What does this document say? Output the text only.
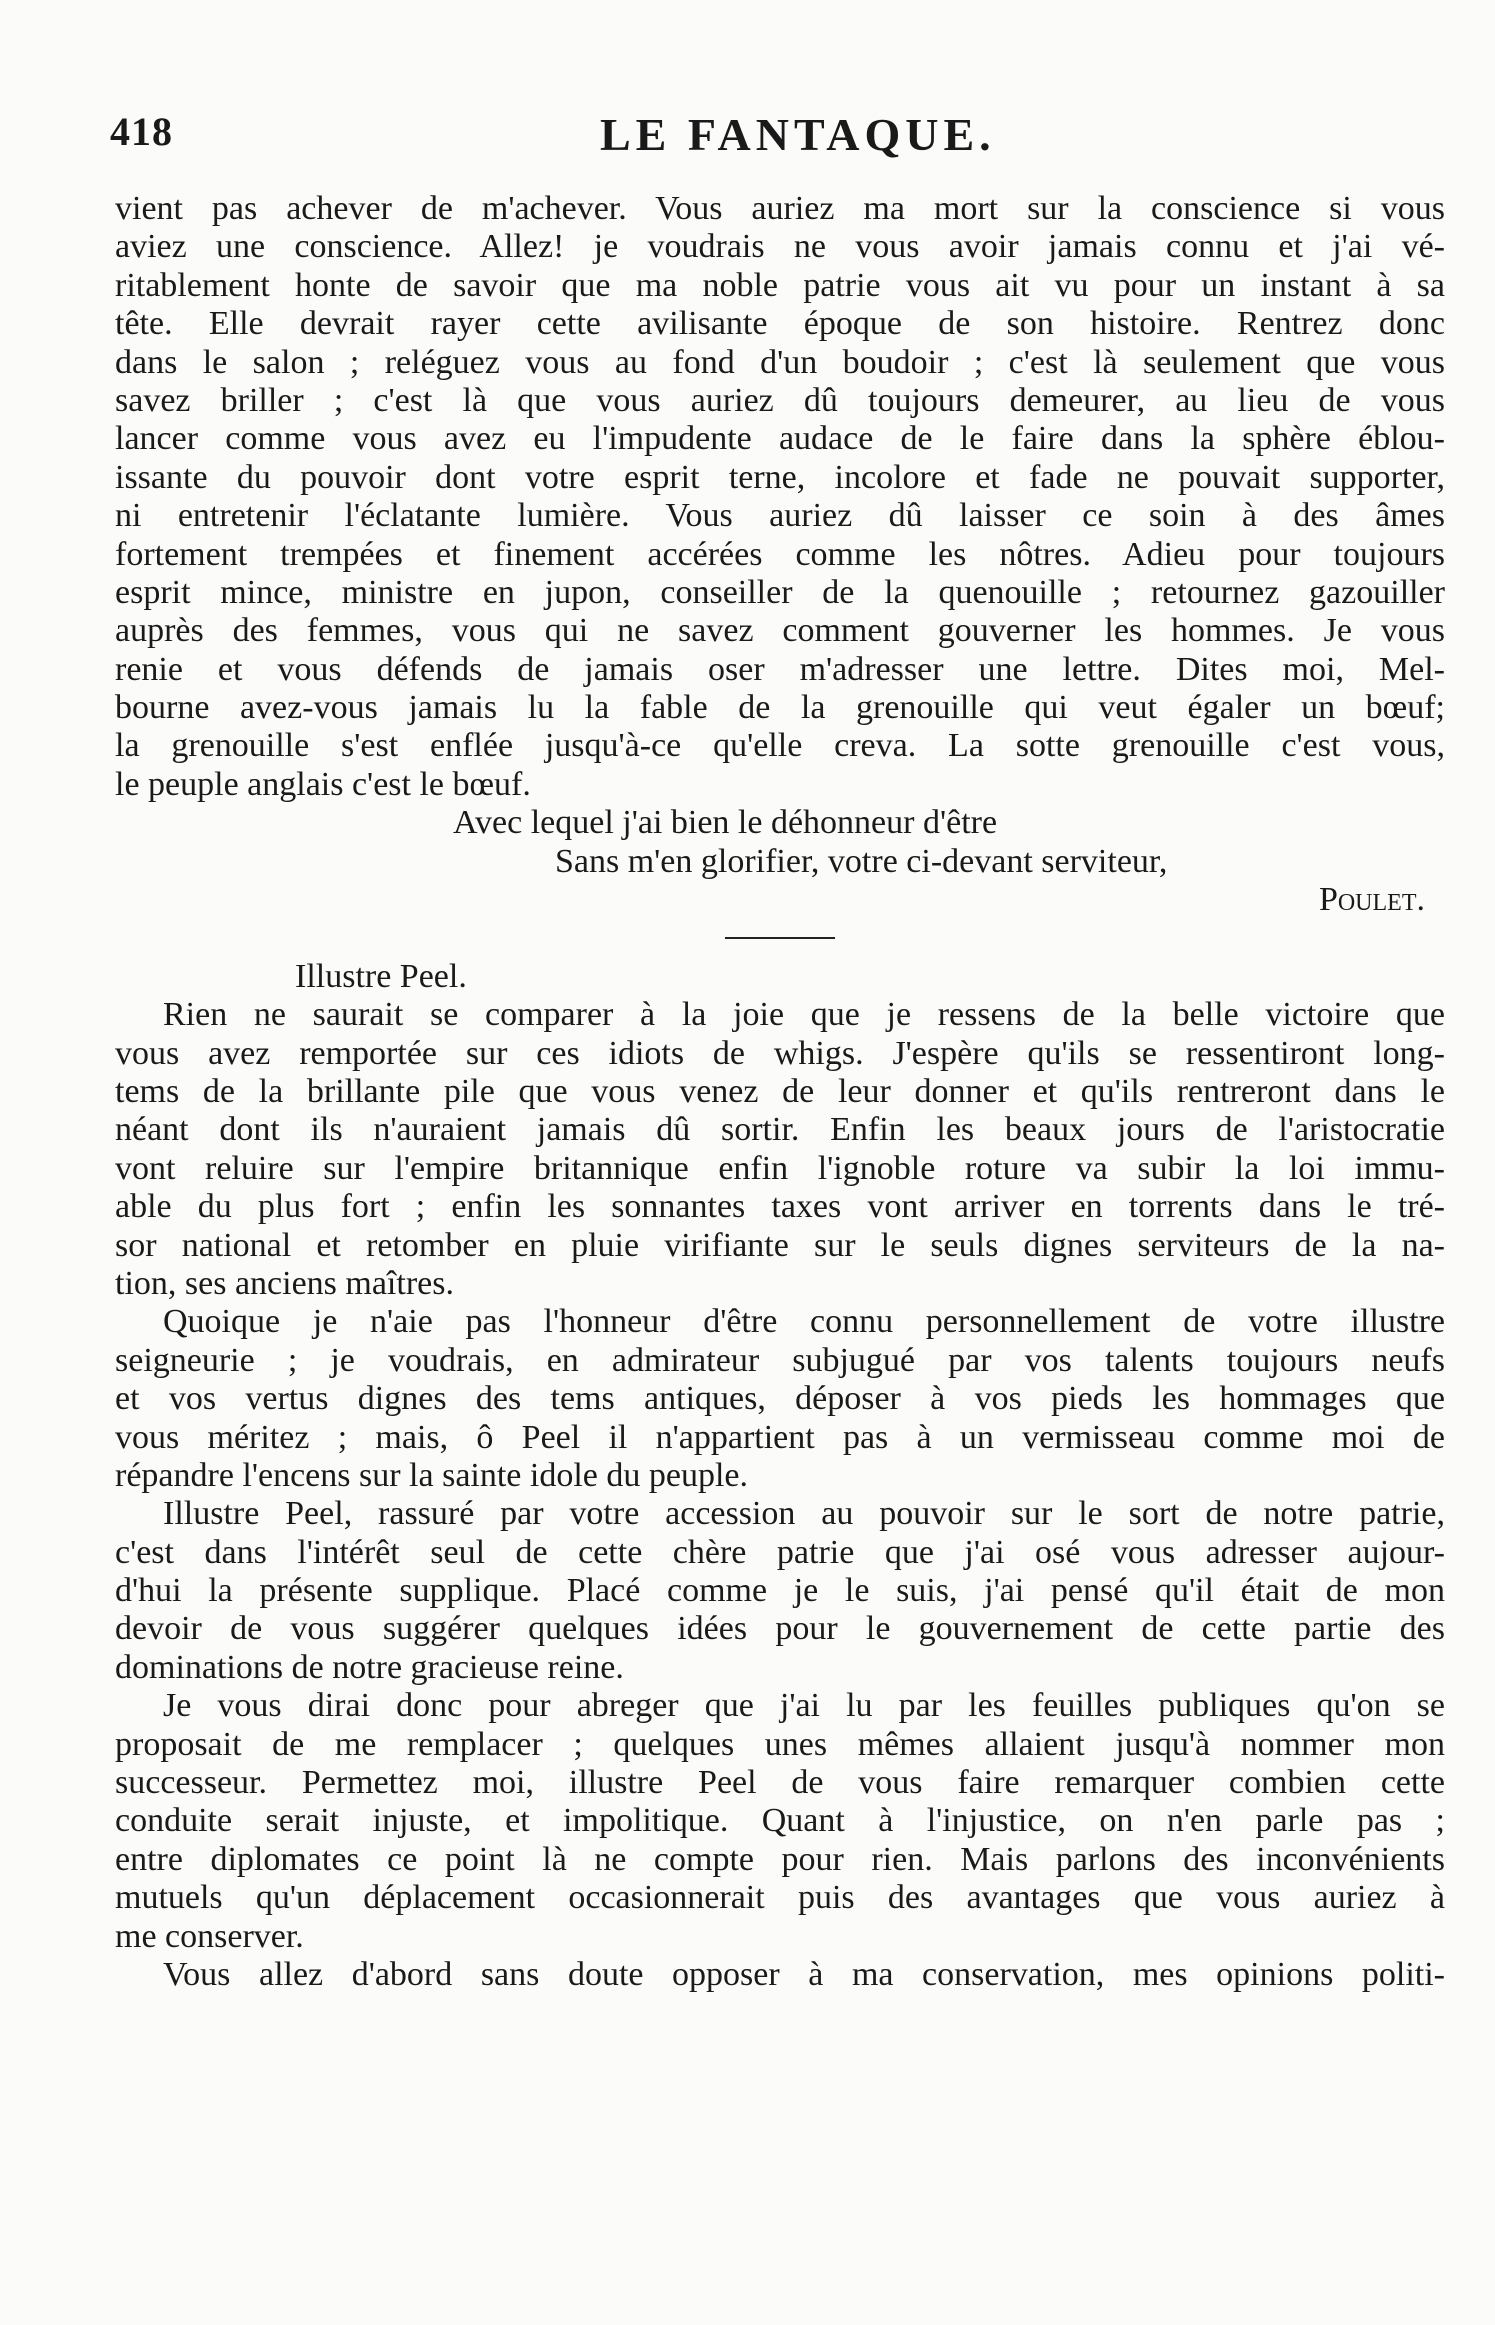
418	LE FANTAQUE.
vient pas achever de m'achever. Vous auriez ma mort sur la conscience si vous
aviez une conscience. Allez! je voudrais ne vous avoir jamais connu et j'ai vé-
ritablement honte de savoir que ma noble patrie vous ait vu pour un instant à sa
tête. Elle devrait rayer cette avilisante époque de son histoire. Rentrez donc
dans le salon ; reléguez vous au fond d'un boudoir ; c'est là seulement que vous
savez briller ; c'est là que vous auriez dû toujours demeurer, au lieu de vous
lancer comme vous avez eu l'impudente audace de le faire dans la sphère éblou-
issante du pouvoir dont votre esprit terne, incolore et fade ne pouvait supporter,
ni entretenir l'éclatante lumière. Vous auriez dû laisser ce soin à des âmes
fortement trempées et finement accérées comme les nôtres. Adieu pour toujours
esprit mince, ministre en jupon, conseiller de la quenouille ; retournez gazouiller
auprès des femmes, vous qui ne savez comment gouverner les hommes. Je vous
renie et vous défends de jamais oser m'adresser une lettre. Dites moi, Mel-
bourne avez-vous jamais lu la fable de la grenouille qui veut égaler un bœuf;
la grenouille s'est enflée jusqu'à-ce qu'elle creva. La sotte grenouille c'est vous,
le peuple anglais c'est le bœuf.
Avec lequel j'ai bien le déhonneur d'être
Sans m'en glorifier, votre ci-devant serviteur,
Poulet.
Illustre Peel.
Rien ne saurait se comparer à la joie que je ressens de la belle victoire que
vous avez remportée sur ces idiots de whigs. J'espère qu'ils se ressentiront long-
tems de la brillante pile que vous venez de leur donner et qu'ils rentreront dans le
néant dont ils n'auraient jamais dû sortir. Enfin les beaux jours de l'aristocratie
vont reluire sur l'empire britannique enfin l'ignoble roture va subir la loi immu-
able du plus fort ; enfin les sonnantes taxes vont arriver en torrents dans le tré-
sor national et retomber en pluie virifiante sur le seuls dignes serviteurs de la na-
tion, ses anciens maîtres.
Quoique je n'aie pas l'honneur d'être connu personnellement de votre illustre
seigneurie ; je voudrais, en admirateur subjugué par vos talents toujours neufs
et vos vertus dignes des tems antiques, déposer à vos pieds les hommages que
vous méritez ; mais, ô Peel il n'appartient pas à un vermisseau comme moi de
répandre l'encens sur la sainte idole du peuple.
Illustre Peel, rassuré par votre accession au pouvoir sur le sort de notre patrie,
c'est dans l'intérêt seul de cette chère patrie que j'ai osé vous adresser aujour-
d'hui la présente supplique. Placé comme je le suis, j'ai pensé qu'il était de mon
devoir de vous suggérer quelques idées pour le gouvernement de cette partie des
dominations de notre gracieuse reine.
Je vous dirai donc pour abreger que j'ai lu par les feuilles publiques qu'on se
proposait de me remplacer ; quelques unes mêmes allaient jusqu'à nommer mon
successeur. Permettez moi, illustre Peel de vous faire remarquer combien cette
conduite serait injuste, et impolitique. Quant à l'injustice, on n'en parle pas ;
entre diplomates ce point là ne compte pour rien. Mais parlons des inconvénients
mutuels qu'un déplacement occasionnerait puis des avantages que vous auriez à
me conserver.
Vous allez d'abord sans doute opposer à ma conservation, mes opinions politi-
